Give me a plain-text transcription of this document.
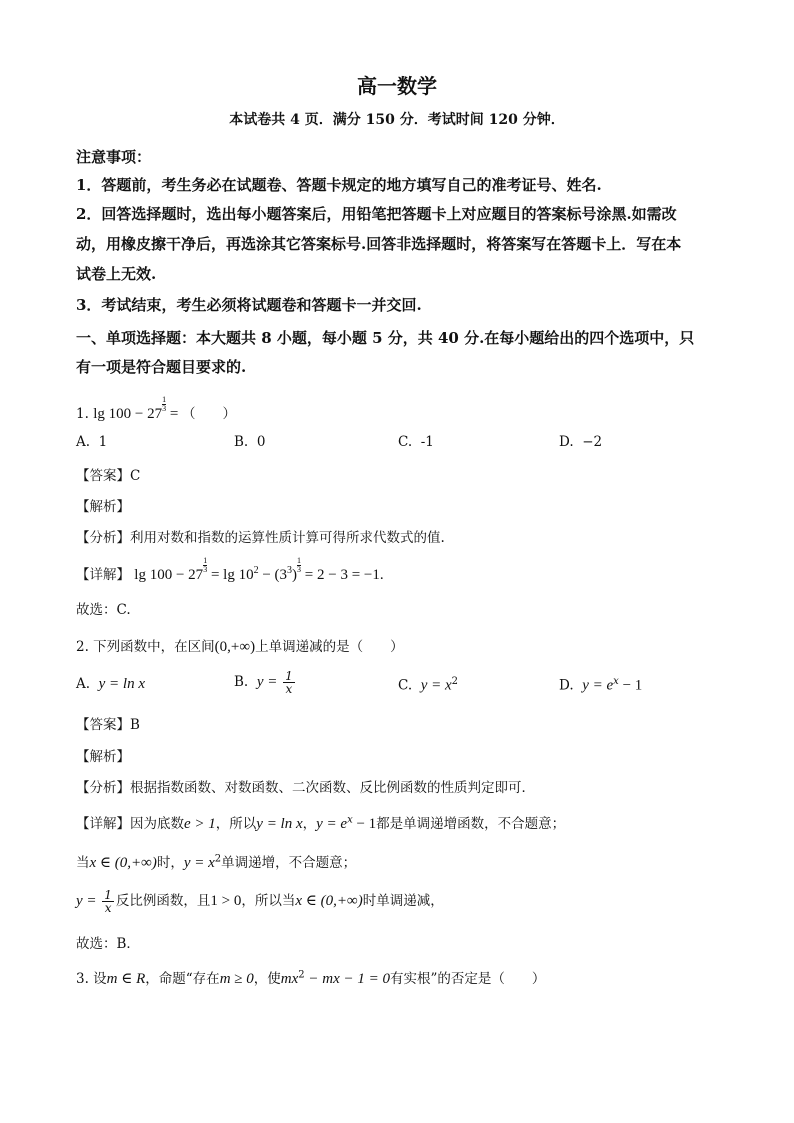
高一数学
本试卷共 4 页．满分 150 分．考试时间 120 分钟．
注意事项：
1．答题前，考生务必在试题卷、答题卡规定的地方填写自己的准考证号、姓名.
2．回答选择题时，选出每小题答案后，用铅笔把答题卡上对应题目的答案标号涂黑.如需改
动，用橡皮擦干净后，再选涂其它答案标号.回答非选择题时，将答案写在答题卡上．写在本
试卷上无效.
3．考试结束，考生必须将试题卷和答题卡一并交回.
一、单项选择题：本大题共 8 小题，每小题 5 分，共 40 分.在每小题给出的四个选项中，只
有一项是符合题目要求的.
1. lg 100 − 27
$\frac{1}{3}$
= （　　）
A. 1	B. 0	C. -1	D. −2
【答案】C
【解析】
【分析】利用对数和指数的运算性质计算可得所求代数式的值.
【详解】 lg 100 − 27
$\frac{1}{3}$
= $\lg 10^2 - (3^3)$
$\frac{1}{3}$
= 2 − 3 = −1.
故选：C.
2. 下列函数中，在区间(0,+∞)上单调递减的是（　　）
A. y = ln x	B. $y = \frac{1}{x}$	C. $y = x^2$	D. $y = e^x - 1$
【答案】B
【解析】
【分析】根据指数函数、对数函数、二次函数、反比例函数的性质判定即可．
【详解】因为底数e > 1，所以y = ln x，$y = e^x - 1$都是单调递增函数，不合题意；
当x ∈ (0,+∞)时，$y = x^2$单调递增，不合题意；
$y = \frac{1}{x}$ 反比例函数，且1 > 0，所以当x ∈ (0,+∞)时单调递减，
故选：B．
3. 设m ∈ R，命题“存在m ≥ 0，使$mx^2$ − mx − 1 = 0有实根”的否定是（　　）
